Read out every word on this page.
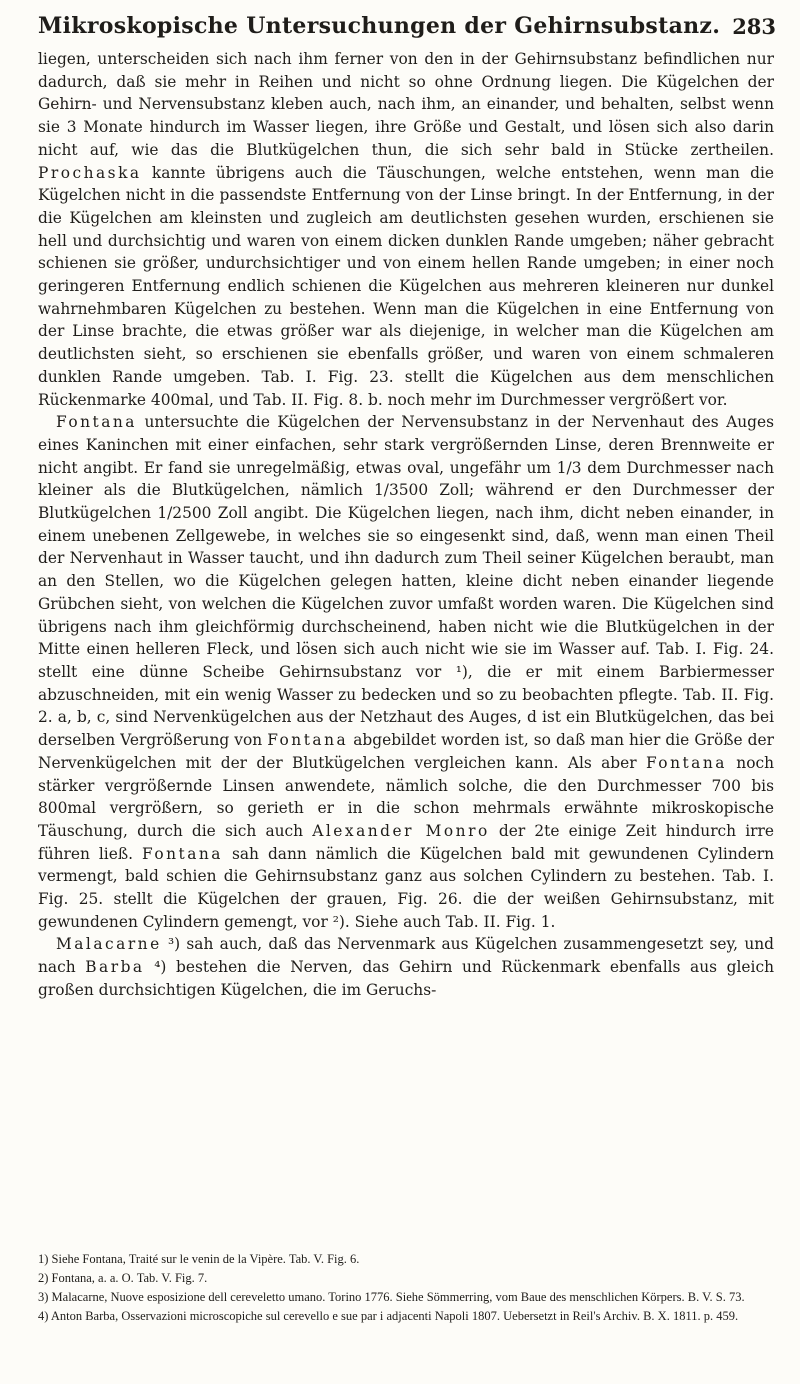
Mikroskopische Untersuchungen der Gehirnsubstanz. 283

liegen, unterscheiden sich nach ihm ferner von den in der Gehirnsubstanz befindlichen nur dadurch, daß sie mehr in Reihen und nicht so ohne Ordnung liegen. Die Kügelchen der Gehirn- und Nervensubstanz kleben auch, nach ihm, an einander, und behalten, selbst wenn sie 3 Monate hindurch im Wasser liegen, ihre Größe und Gestalt, und lösen sich also darin nicht auf, wie das die Blutkügelchen thun, die sich sehr bald in Stücke zertheilen. Prochaska kannte übrigens auch die Täuschungen, welche entstehen, wenn man die Kügelchen nicht in die passendste Entfernung von der Linse bringt. In der Entfernung, in der die Kügelchen am kleinsten und zugleich am deutlichsten gesehen wurden, erschienen sie hell und durchsichtig und waren von einem dicken dunklen Rande umgeben; näher gebracht schienen sie größer, undurchsichtiger und von einem hellen Rande umgeben; in einer noch geringeren Entfernung endlich schienen die Kügelchen aus mehreren kleineren nur dunkel wahrnehmbaren Kügelchen zu bestehen. Wenn man die Kügelchen in eine Entfernung von der Linse brachte, die etwas größer war als diejenige, in welcher man die Kügelchen am deutlichsten sieht, so erschienen sie ebenfalls größer, und waren von einem schmaleren dunklen Rande umgeben. Tab. I. Fig. 23. stellt die Kügelchen aus dem menschlichen Rückenmarke 400mal, und Tab. II. Fig. 8. b. noch mehr im Durchmesser vergrößert vor.

Fontana untersuchte die Kügelchen der Nervensubstanz in der Nervenhaut des Auges eines Kaninchen mit einer einfachen, sehr stark vergrößernden Linse, deren Brennweite er nicht angibt. Er fand sie unregelmäßig, etwas oval, ungefähr um 1/3 dem Durchmesser nach kleiner als die Blutkügelchen, nämlich 1/3500 Zoll; während er den Durchmesser der Blutkügelchen 1/2500 Zoll angibt. Die Kügelchen liegen, nach ihm, dicht neben einander, in einem unebenen Zellgewebe, in welches sie so eingesenkt sind, daß, wenn man einen Theil der Nervenhaut in Wasser taucht, und ihn dadurch zum Theil seiner Kügelchen beraubt, man an den Stellen, wo die Kügelchen gelegen hatten, kleine dicht neben einander liegende Grübchen sieht, von welchen die Kügelchen zuvor umfaßt worden waren. Die Kügelchen sind übrigens nach ihm gleichförmig durchscheinend, haben nicht wie die Blutkügelchen in der Mitte einen helleren Fleck, und lösen sich auch nicht wie sie im Wasser auf. Tab. I. Fig. 24. stellt eine dünne Scheibe Gehirnsubstanz vor ¹), die er mit einem Barbiermesser abzuschneiden, mit ein wenig Wasser zu bedecken und so zu beobachten pflegte. Tab. II. Fig. 2. a, b, c, sind Nervenkügelchen aus der Netzhaut des Auges, d ist ein Blutkügelchen, das bei derselben Vergrößerung von Fontana abgebildet worden ist, so daß man hier die Größe der Nervenkügelchen mit der der Blutkügelchen vergleichen kann. Als aber Fontana noch stärker vergrößernde Linsen anwendete, nämlich solche, die den Durchmesser 700 bis 800mal vergrößern, so gerieth er in die schon mehrmals erwähnte mikroskopische Täuschung, durch die sich auch Alexander Monro der 2te einige Zeit hindurch irre führen ließ. Fontana sah dann nämlich die Kügelchen bald mit gewundenen Cylindern vermengt, bald schien die Gehirnsubstanz ganz aus solchen Cylindern zu bestehen. Tab. I. Fig. 25. stellt die Kügelchen der grauen, Fig. 26. die der weißen Gehirnsubstanz, mit gewundenen Cylindern gemengt, vor ²). Siehe auch Tab. II. Fig. 1.

Malacarne ³) sah auch, daß das Nervenmark aus Kügelchen zusammengesetzt sey, und nach Barba ⁴) bestehen die Nerven, das Gehirn und Rückenmark ebenfalls aus gleich großen durchsichtigen Kügelchen, die im Geruchs-

1) Siehe Fontana, Traité sur le venin de la Vipère. Tab. V. Fig. 6.
2) Fontana, a. a. O. Tab. V. Fig. 7.
3) Malacarne, Nuove esposizione dell cereveletto umano. Torino 1776. Siehe Sömmerring, vom Baue des menschlichen Körpers. B. V. S. 73.
4) Anton Barba, Osservazioni microscopiche sul cerevello e sue par i adjacenti Napoli 1807. Uebersetzt in Reil's Archiv. B. X. 1811. p. 459.
